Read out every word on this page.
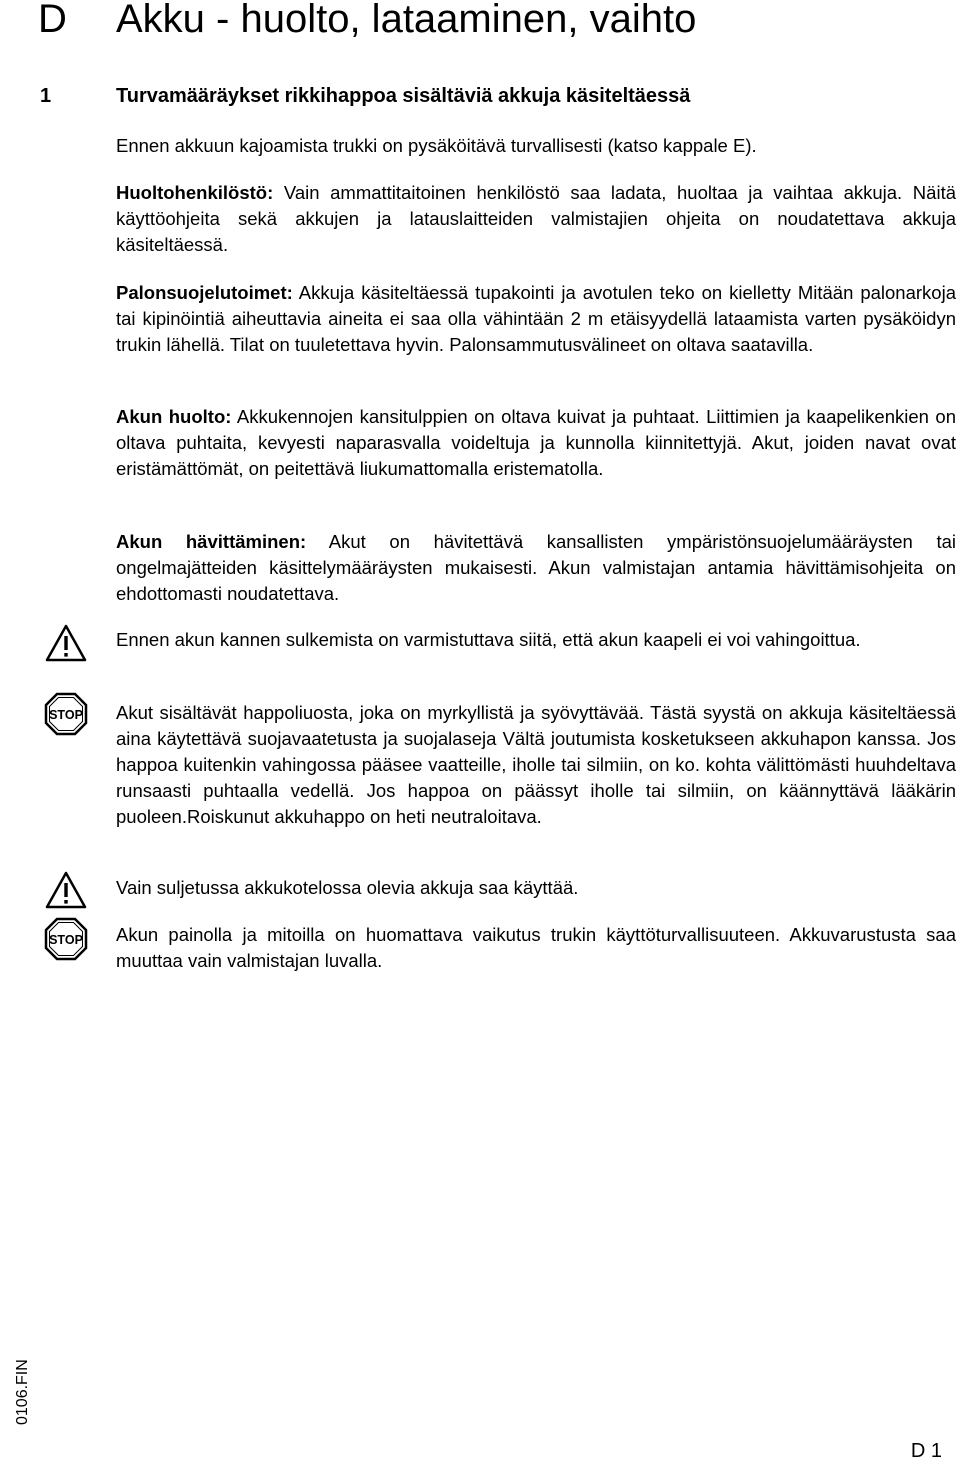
D Akku - huolto, lataaminen, vaihto
1	Turvamääräykset rikkihappoa sisältäviä akkuja käsiteltäessä

Ennen akkuun kajoamista trukki on pysäköitävä turvallisesti (katso kappale E).

Huoltohenkilöstö: Vain ammattitaitoinen henkilöstö saa ladata, huoltaa ja vaihtaa akkuja. Näitä käyttöohjeita sekä akkujen ja latauslaitteiden valmistajien ohjeita on noudatettava akkuja käsiteltäessä.

Palonsuojelutoimet: Akkuja käsiteltäessä tupakointi ja avotulen teko on kielletty Mitään palonarkoja tai kipinöintiä aiheuttavia aineita ei saa olla vähintään 2 m etäisyydellä lataamista varten pysäköidyn trukin lähellä. Tilat on tuuletettava hyvin. Palonsammutusvälineet on oltava saatavilla.

Akun huolto: Akkukennojen kansitulppien on oltava kuivat ja puhtaat. Liittimien ja kaapelikenkien on oltava puhtaita, kevyesti naparasvalla voideltuja ja kunnolla kiinnitettyjä. Akut, joiden navat ovat eristämättömät, on peitettävä liukumattomalla eristematolla.

Akun hävittäminen: Akut on hävitettävä kansallisten ympäristönsuojelumääräysten tai ongelmajätteiden käsittelymääräysten mukaisesti. Akun valmistajan antamia hävittämisohjeita on ehdottomasti noudatettava.

Ennen akun kannen sulkemista on varmistuttava siitä, että akun kaapeli ei voi vahingoittua.

STOP Akut sisältävät happoliuosta, joka on myrkyllistä ja syövyttävää. Tästä syystä on akkuja käsiteltäessä aina käytettävä suojavaatetusta ja suojalaseja Vältä joutumista kosketukseen akkuhapon kanssa. Jos happoa kuitenkin vahingossa pääsee vaatteille, iholle tai silmiin, on ko. kohta välittömästi huuhdeltava runsaasti puhtaalla vedellä. Jos happoa on päässyt iholle tai silmiin, on käännyttävä lääkärin puoleen.Roiskunut akkuhappo on heti neutraloitava.

Vain suljetussa akkukotelossa olevia akkuja saa käyttää.

STOP Akun painolla ja mitoilla on huomattava vaikutus trukin käyttöturvallisuuteen. Akkuvarustusta saa muuttaa vain valmistajan luvalla.

0106.FIN
D 1
